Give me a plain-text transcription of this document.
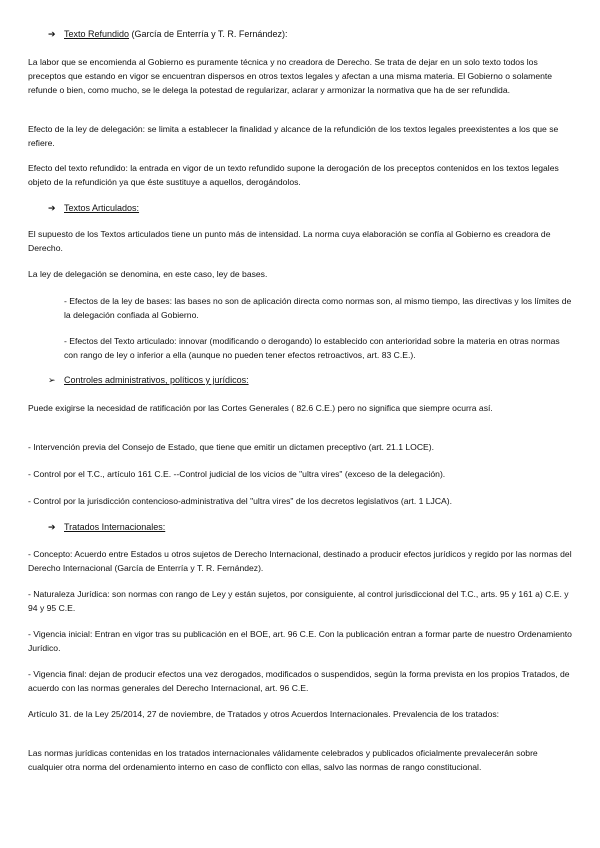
➔ Texto Refundido (García de Enterría y T. R. Fernández):

La labor que se encomienda al Gobierno es puramente técnica y no creadora de Derecho. Se trata de dejar en un solo texto todos los preceptos que estando en vigor se encuentran dispersos en otros textos legales y afectan a una misma materia. El Gobierno o solamente refunde o bien, como mucho, se le delega la potestad de regularizar, aclarar y armonizar la normativa que ha de ser refundida.

Efecto de la ley de delegación: se limita a establecer la finalidad y alcance de la refundición de los textos legales preexistentes a los que se refiere.

Efecto del texto refundido: la entrada en vigor de un texto refundido supone la derogación de los preceptos contenidos en los textos legales objeto de la refundición ya que éste sustituye a aquellos, derogándolos.

➔ Textos Articulados:

El supuesto de los Textos articulados tiene un punto más de intensidad. La norma cuya elaboración se confía al Gobierno es creadora de Derecho.

La ley de delegación se denomina, en este caso, ley de bases.

- Efectos de la ley de bases: las bases no son de aplicación directa como normas son, al mismo tiempo, las directivas y los límites de la delegación confiada al Gobierno.

- Efectos del Texto articulado: innovar (modificando o derogando) lo establecido con anterioridad sobre la materia en otras normas con rango de ley o inferior a ella (aunque no pueden tener efectos retroactivos, art. 83 C.E.).

➢ Controles administrativos, políticos y jurídicos:

Puede exigirse la necesidad de ratificación por las Cortes Generales ( 82.6 C.E.) pero no significa que siempre ocurra así.

- Intervención previa del Consejo de Estado, que tiene que emitir un dictamen preceptivo (art. 21.1 LOCE).

- Control por el T.C., artículo 161 C.E. --Control judicial de los vicios de "ultra vires" (exceso de la delegación).

- Control por la jurisdicción contencioso-administrativa del "ultra vires" de los decretos legislativos (art. 1 LJCA).

➔ Tratados Internacionales:

- Concepto: Acuerdo entre Estados u otros sujetos de Derecho Internacional, destinado a producir efectos jurídicos y regido por las normas del Derecho Internacional (García de Enterría y T. R. Fernández).

- Naturaleza Jurídica: son normas con rango de Ley y están sujetos, por consiguiente, al control jurisdiccional del T.C., arts. 95 y 161 a) C.E. y 94 y 95 C.E.

- Vigencia inicial: Entran en vigor tras su publicación en el BOE, art. 96 C.E. Con la publicación entran a formar parte de nuestro Ordenamiento Jurídico.

- Vigencia final: dejan de producir efectos una vez derogados, modificados o suspendidos, según la forma prevista en los propios Tratados, de acuerdo con las normas generales del Derecho Internacional, art. 96 C.E.

Artículo 31. de la Ley 25/2014, 27 de noviembre, de Tratados y otros Acuerdos Internacionales. Prevalencia de los tratados:

Las normas jurídicas contenidas en los tratados internacionales válidamente celebrados y publicados oficialmente prevalecerán sobre cualquier otra norma del ordenamiento interno en caso de conflicto con ellas, salvo las normas de rango constitucional.
